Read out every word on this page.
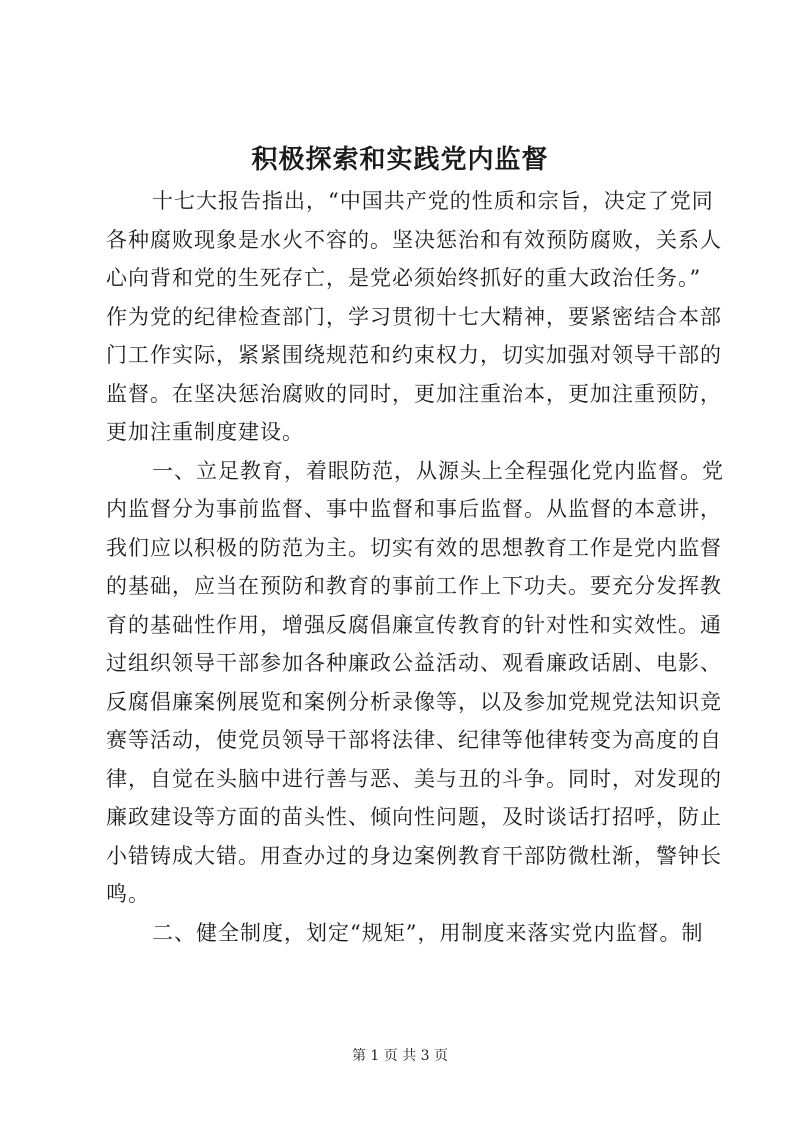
积极探索和实践党内监督

十七大报告指出，“中国共产党的性质和宗旨，决定了党同
各种腐败现象是水火不容的。坚决惩治和有效预防腐败，关系人
心向背和党的生死存亡，是党必须始终抓好的重大政治任务。”
作为党的纪律检查部门，学习贯彻十七大精神，要紧密结合本部
门工作实际，紧紧围绕规范和约束权力，切实加强对领导干部的
监督。在坚决惩治腐败的同时，更加注重治本，更加注重预防，
更加注重制度建设。

一、立足教育，着眼防范，从源头上全程强化党内监督。党
内监督分为事前监督、事中监督和事后监督。从监督的本意讲，
我们应以积极的防范为主。切实有效的思想教育工作是党内监督
的基础，应当在预防和教育的事前工作上下功夫。要充分发挥教
育的基础性作用，增强反腐倡廉宣传教育的针对性和实效性。通
过组织领导干部参加各种廉政公益活动、观看廉政话剧、电影、
反腐倡廉案例展览和案例分析录像等，以及参加党规党法知识竞
赛等活动，使党员领导干部将法律、纪律等他律转变为高度的自
律，自觉在头脑中进行善与恶、美与丑的斗争。同时，对发现的
廉政建设等方面的苗头性、倾向性问题，及时谈话打招呼，防止
小错铸成大错。用查办过的身边案例教育干部防微杜渐，警钟长
鸣。

二、健全制度，划定“规矩”，用制度来落实党内监督。制

第 1 页 共 3 页
